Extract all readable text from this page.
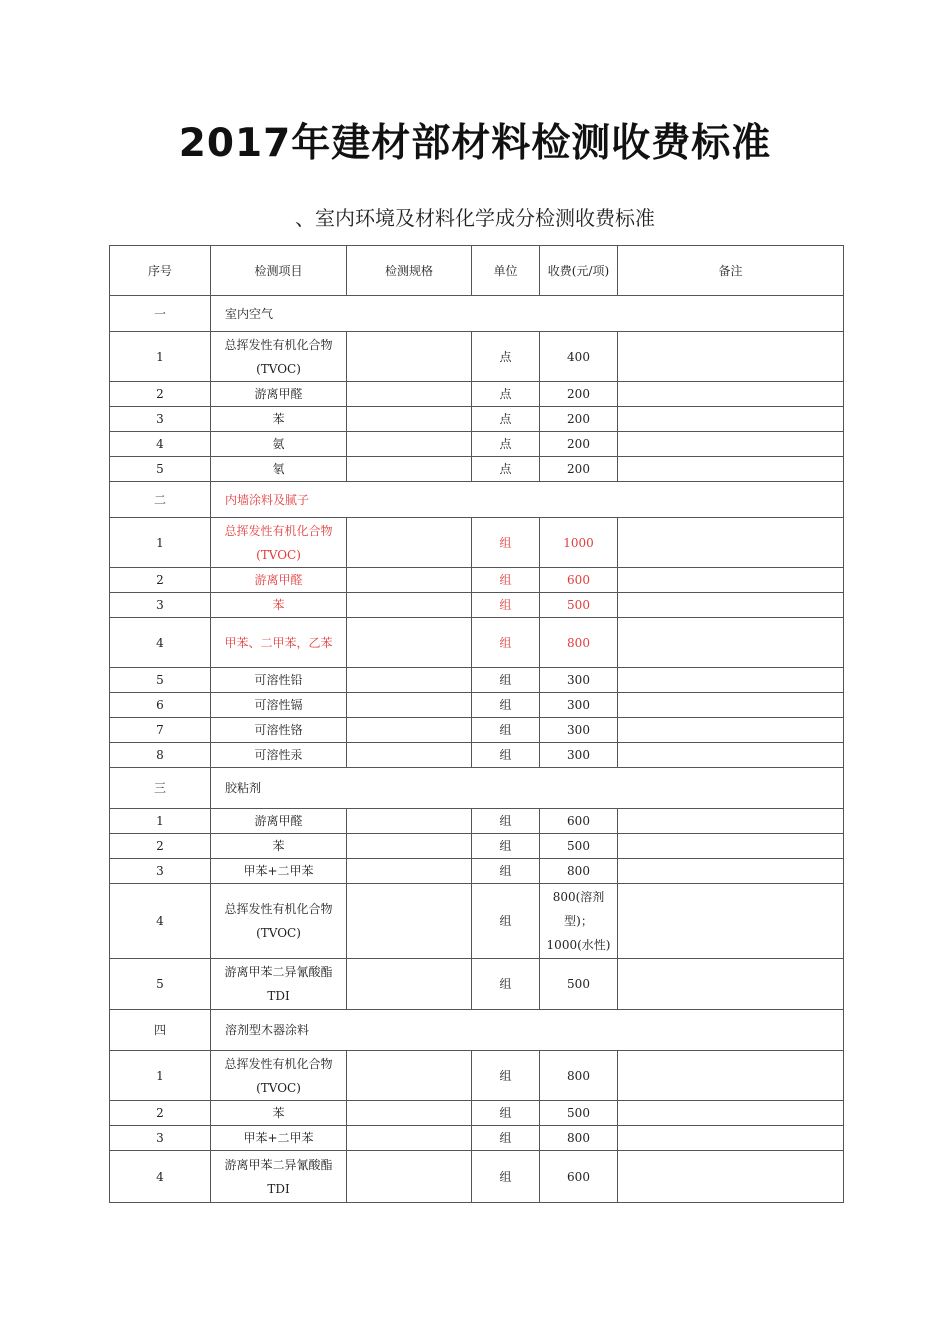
2017年建材部材料检测收费标准
、室内环境及材料化学成分检测收费标准
序号	检测项目	检测规格	单位	收费(元/项)	备注
一	室内空气				
1	总挥发性有机化合物(TVOC)		点	400	
2	游离甲醛		点	200	
3	苯		点	200	
4	氨		点	200	
5	氡		点	200	
二	内墙涂料及腻子				
1	总挥发性有机化合物(TVOC)		组	1000	
2	游离甲醛		组	600	
3	苯		组	500	
4	甲苯、二甲苯，乙苯		组	800	
5	可溶性铅		组	300	
6	可溶性镉		组	300	
7	可溶性铬		组	300	
8	可溶性汞		组	300	
三	胶粘剂				
1	游离甲醛		组	600	
2	苯		组	500	
3	甲苯+二甲苯		组	800	
4	总挥发性有机化合物(TVOC)		组	800(溶剂型)；1000(水性)	
5	游离甲苯二异氰酸酯TDI		组	500	
四	溶剂型木器涂料				
1	总挥发性有机化合物(TVOC)		组	800	
2	苯		组	500	
3	甲苯+二甲苯		组	800	
4	游离甲苯二异氰酸酯TDI		组	600	
